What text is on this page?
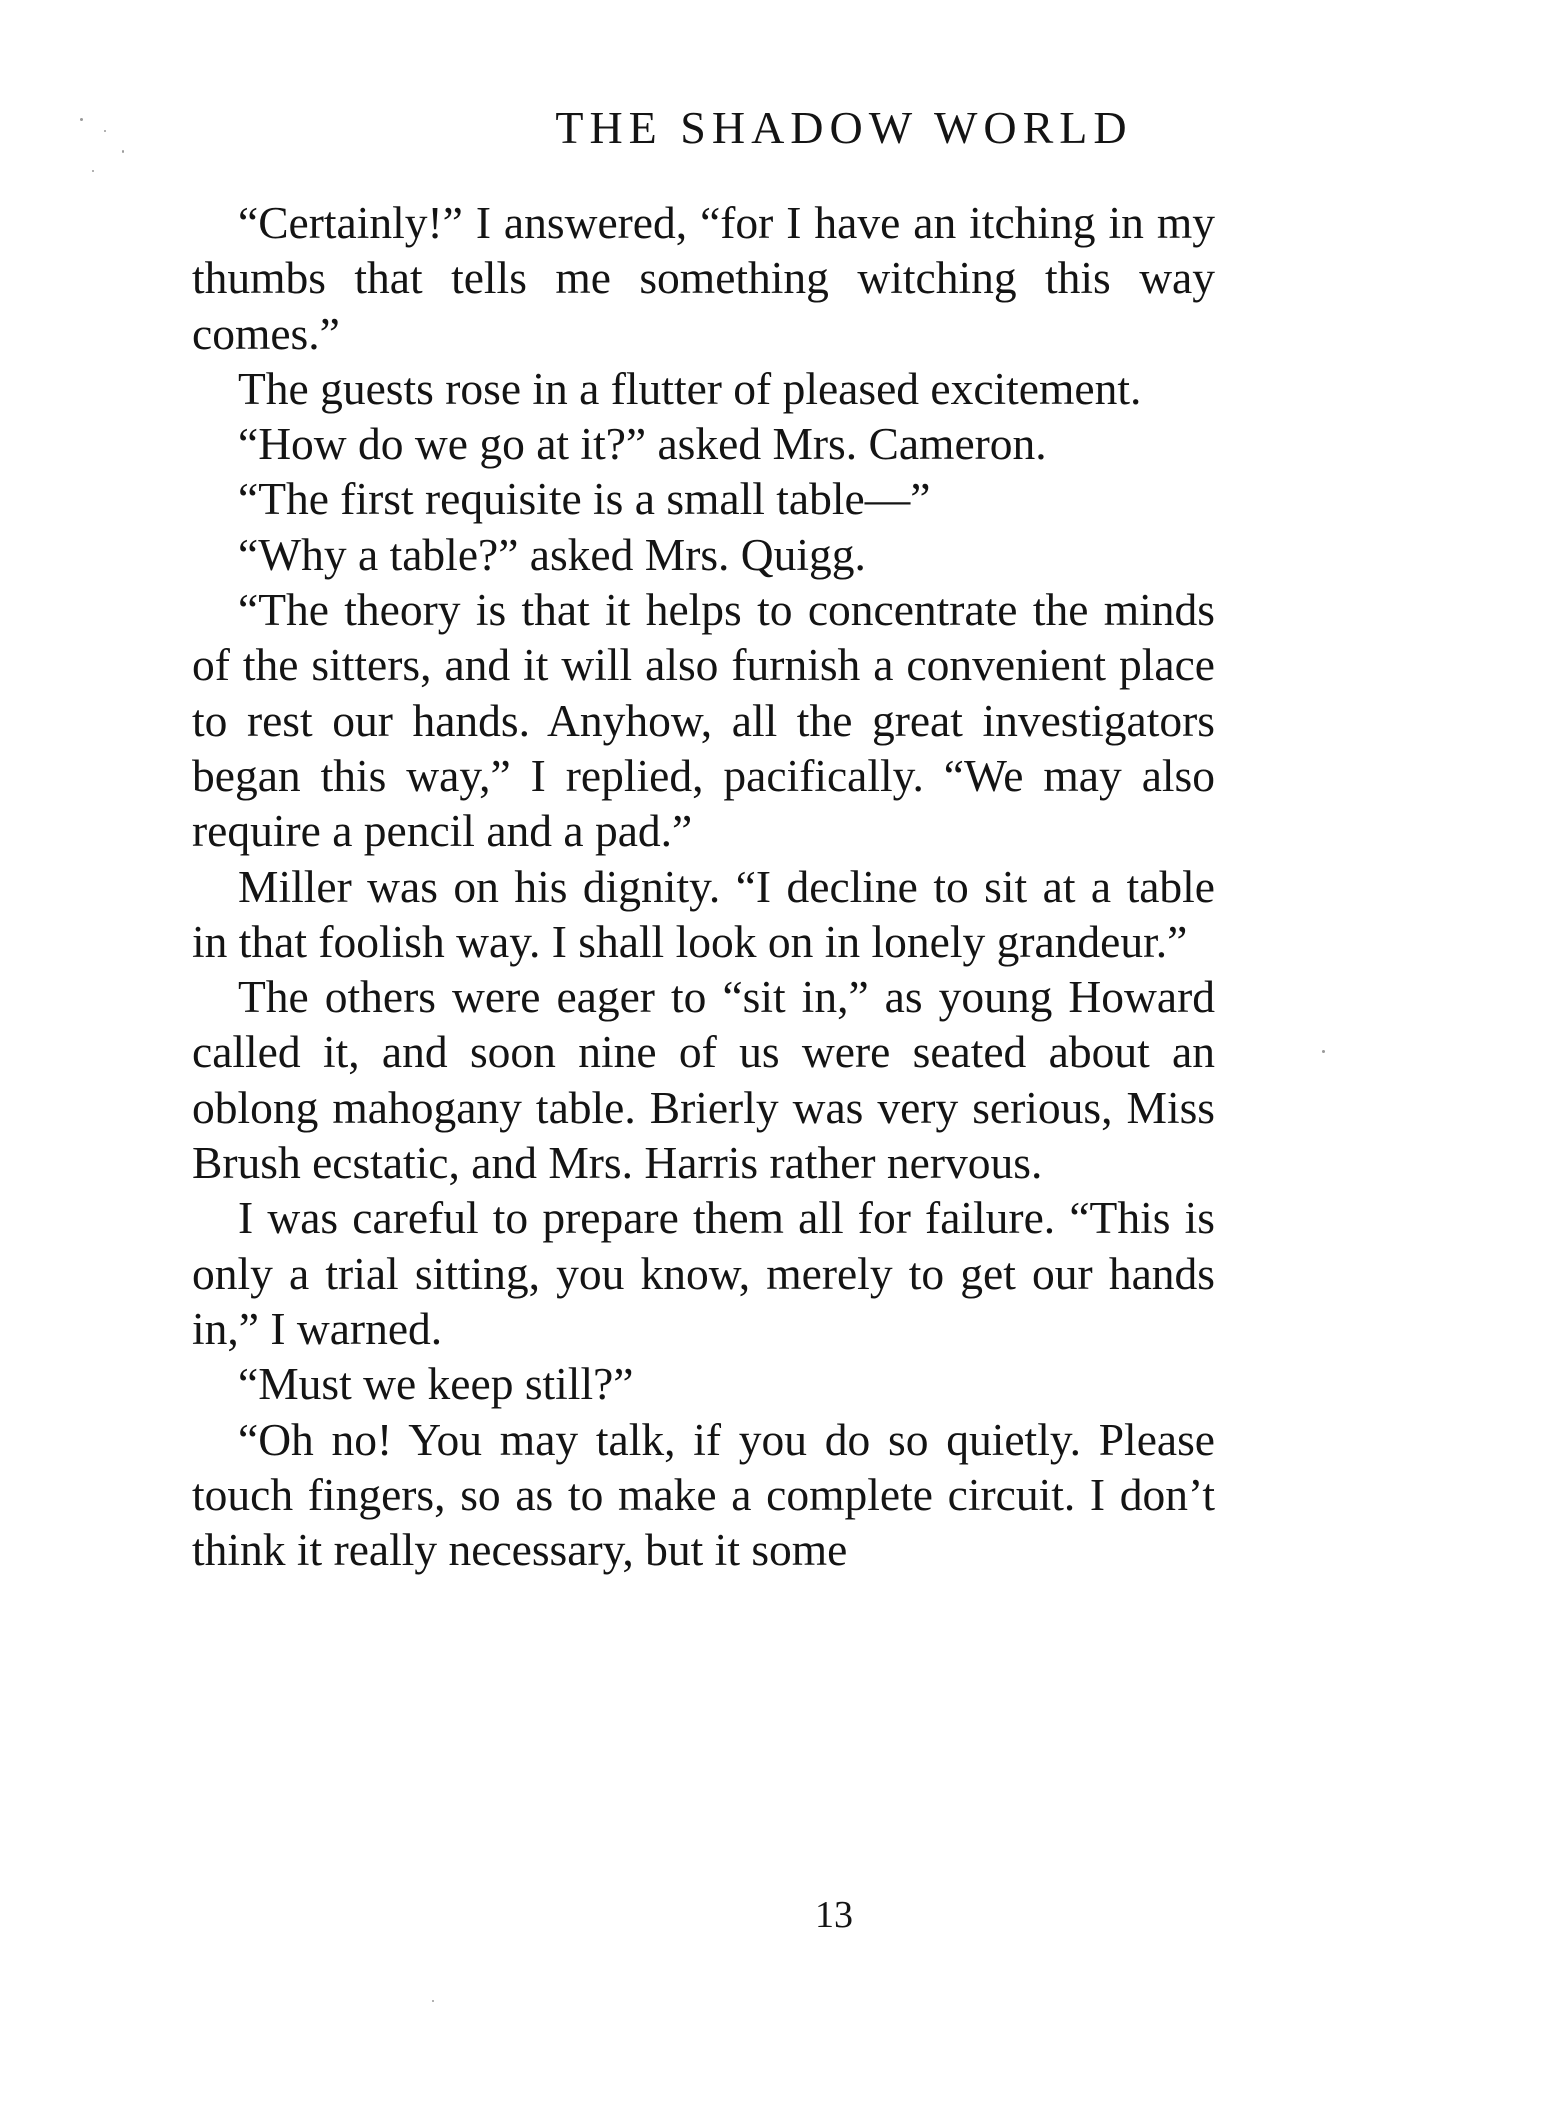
THE SHADOW WORLD

“Certainly!” I answered, “for I have an itching in my thumbs that tells me something witching this way comes.”

The guests rose in a flutter of pleased excitement.

“How do we go at it?” asked Mrs. Cameron.

“The first requisite is a small table—”

“Why a table?” asked Mrs. Quigg.

“The theory is that it helps to concentrate the minds of the sitters, and it will also furnish a convenient place to rest our hands. Anyhow, all the great investigators began this way,” I replied, pacifically. “We may also require a pencil and a pad.”

Miller was on his dignity. “I decline to sit at a table in that foolish way. I shall look on in lonely grandeur.”

The others were eager to “sit in,” as young Howard called it, and soon nine of us were seated about an oblong mahogany table. Brierly was very serious, Miss Brush ecstatic, and Mrs. Harris rather nervous.

I was careful to prepare them all for failure. “This is only a trial sitting, you know, merely to get our hands in,” I warned.

“Must we keep still?”

“Oh no! You may talk, if you do so quietly. Please touch fingers, so as to make a complete circuit. I don’t think it really necessary, but it some

13
